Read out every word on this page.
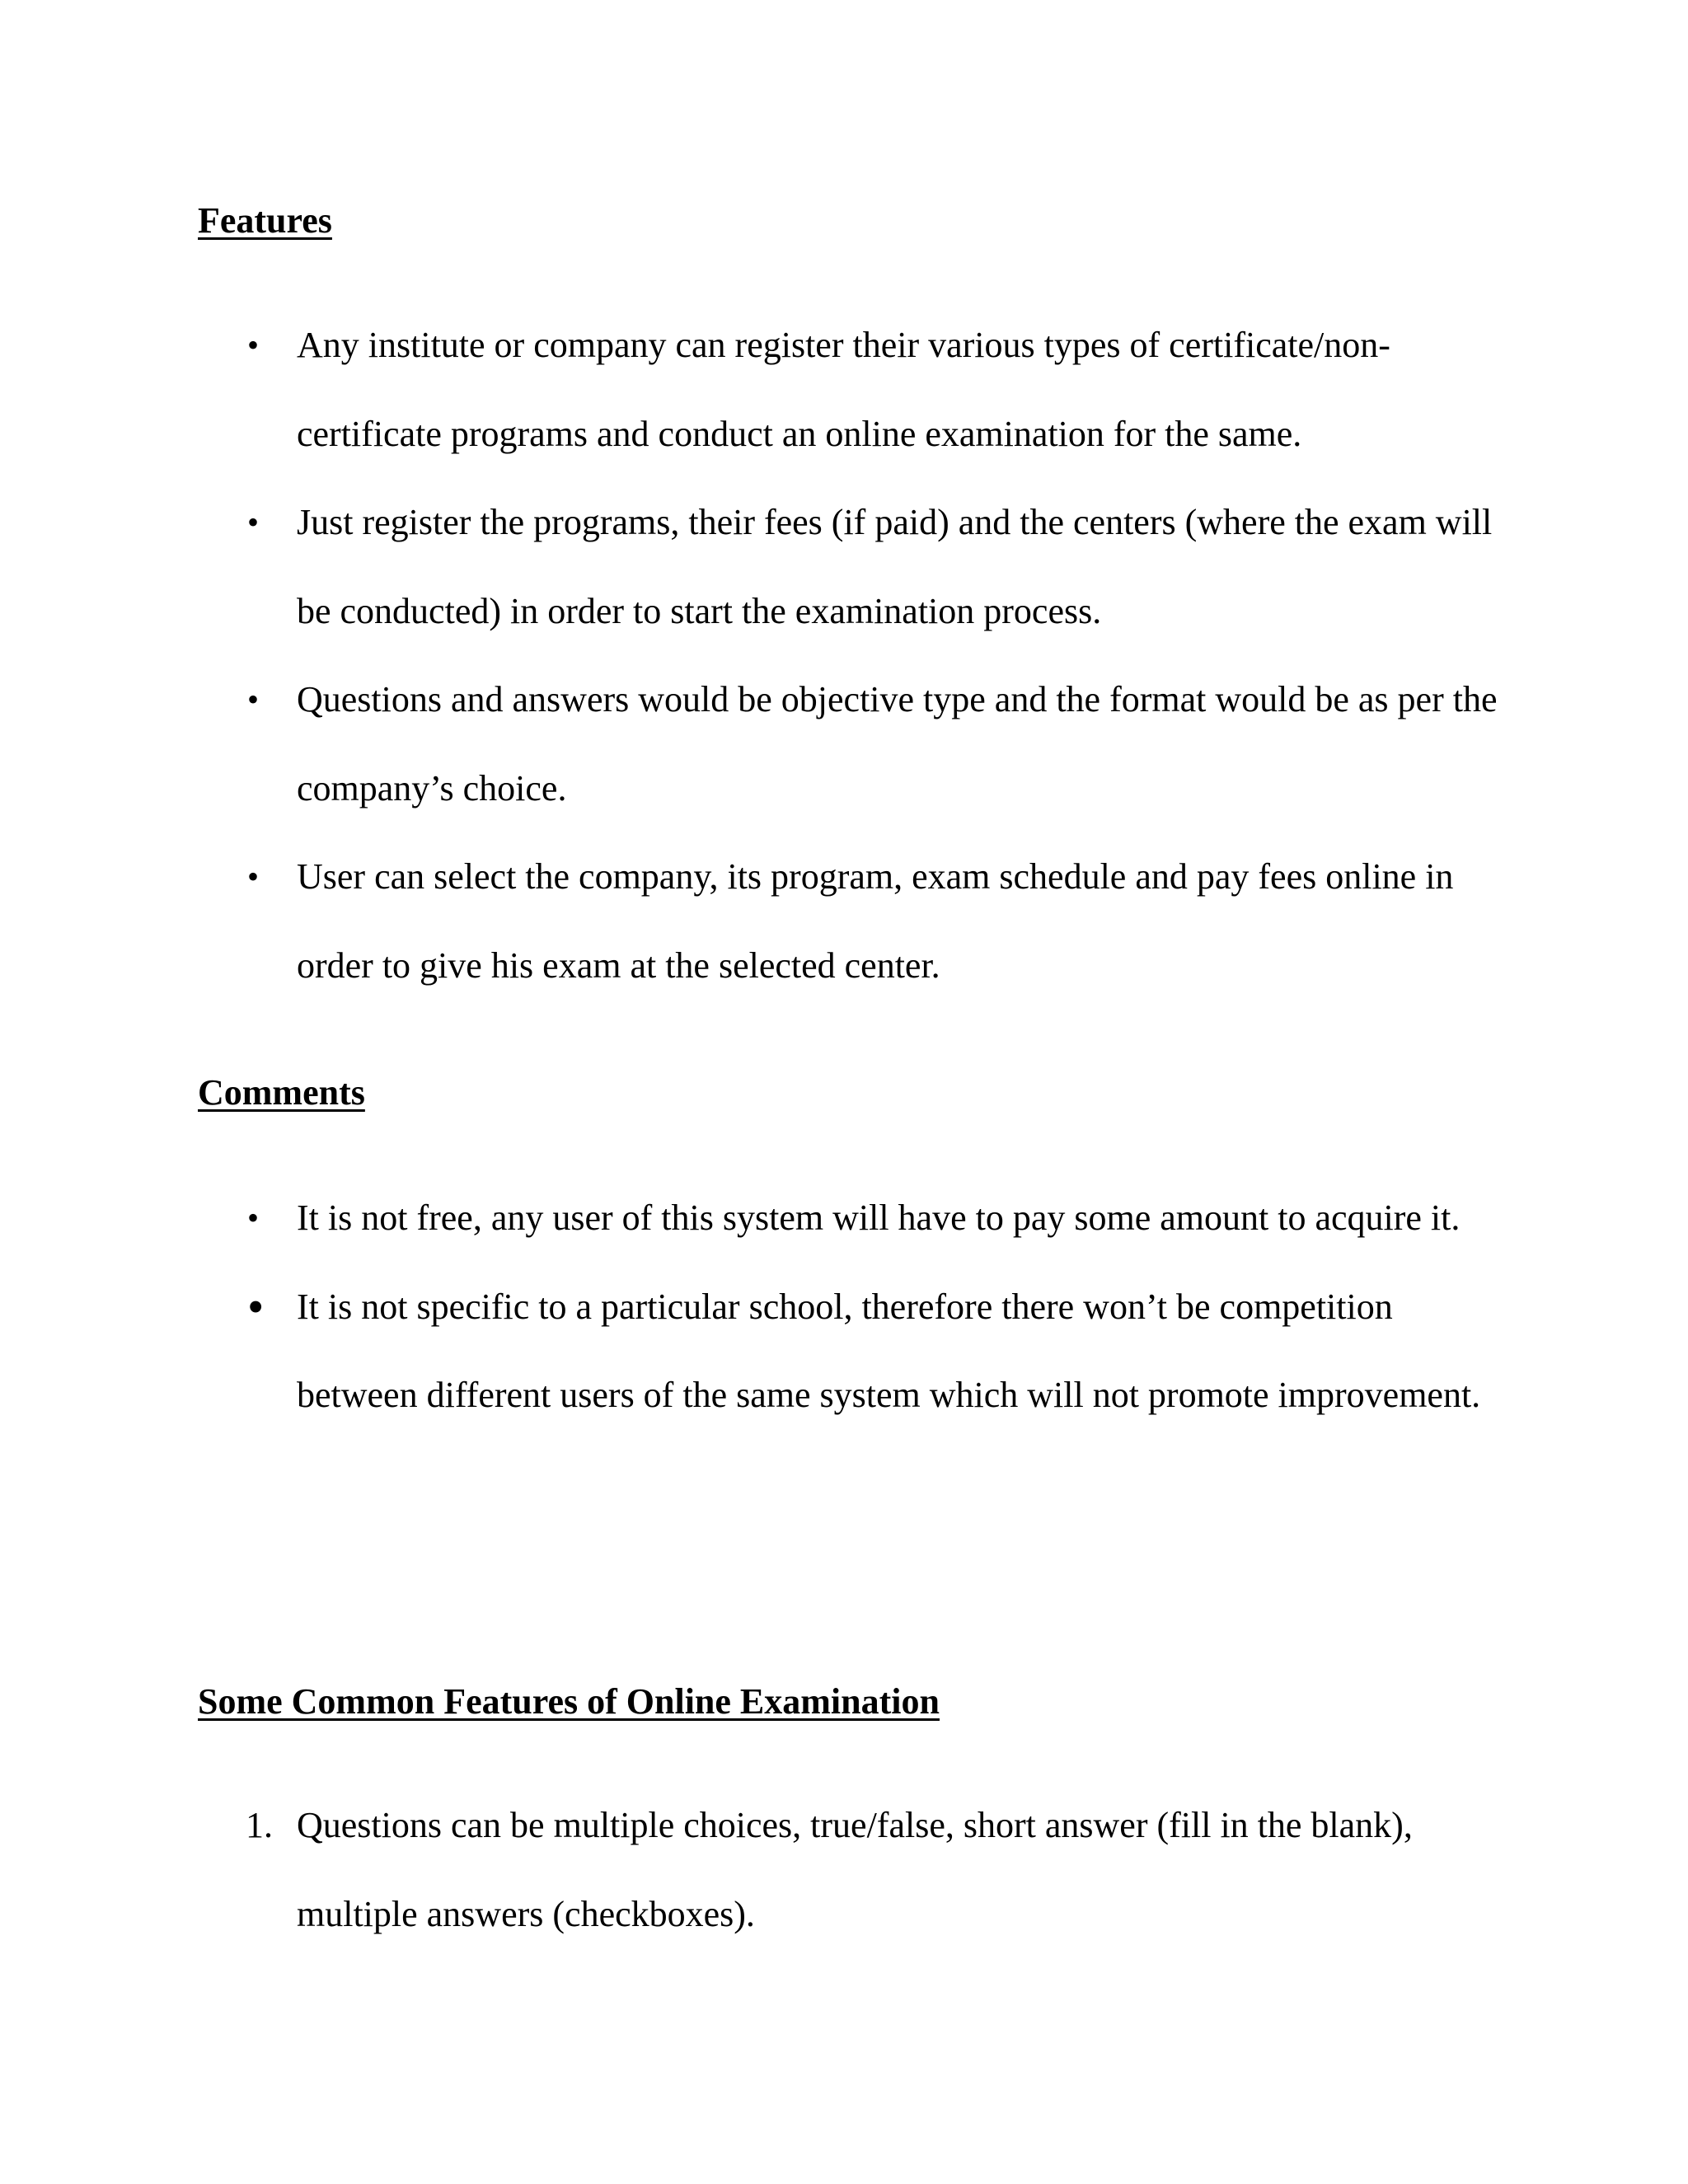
Features
• Any institute or company can register their various types of certificate/non-certificate programs and conduct an online examination for the same.
• Just register the programs, their fees (if paid) and the centers (where the exam will be conducted) in order to start the examination process.
• Questions and answers would be objective type and the format would be as per the company’s choice.
• User can select the company, its program, exam schedule and pay fees online in order to give his exam at the selected center.
Comments
• It is not free, any user of this system will have to pay some amount to acquire it.
• It is not specific to a particular school, therefore there won’t be competition between different users of the same system which will not promote improvement.
Some Common Features of Online Examination
1. Questions can be multiple choices, true/false, short answer (fill in the blank), multiple answers (checkboxes).
